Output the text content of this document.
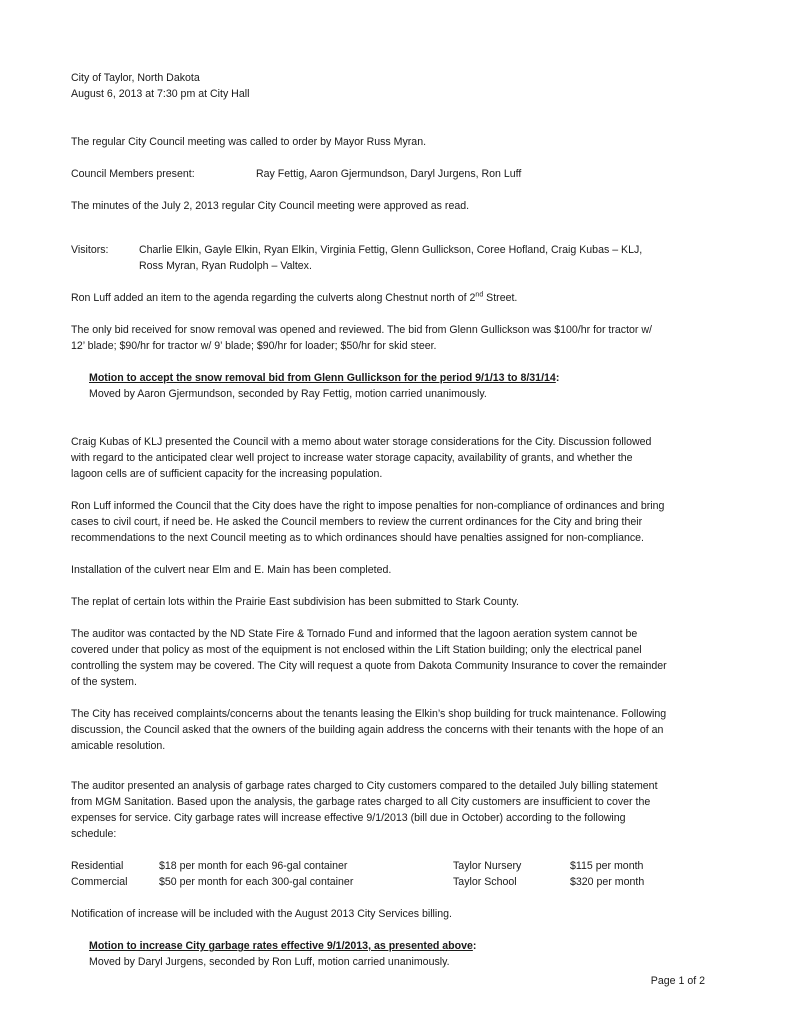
City of Taylor, North Dakota
August 6, 2013 at 7:30 pm at City Hall

The regular City Council meeting was called to order by Mayor Russ Myran.

Council Members present:	Ray Fettig, Aaron Gjermundson, Daryl Jurgens, Ron Luff

The minutes of the July 2, 2013 regular City Council meeting were approved as read.

Visitors:	Charlie Elkin, Gayle Elkin, Ryan Elkin, Virginia Fettig, Glenn Gullickson, Coree Hofland, Craig Kubas – KLJ,
Ross Myran, Ryan Rudolph – Valtex.

Ron Luff added an item to the agenda regarding the culverts along Chestnut north of 2nd Street.

The only bid received for snow removal was opened and reviewed. The bid from Glenn Gullickson was $100/hr for tractor w/
12’ blade; $90/hr for tractor w/ 9’ blade; $90/hr for loader; $50/hr for skid steer.
Motion to accept the snow removal bid from Glenn Gullickson for the period 9/1/13 to 8/31/14:
Moved by Aaron Gjermundson, seconded by Ray Fettig, motion carried unanimously.
Craig Kubas of KLJ presented the Council with a memo about water storage considerations for the City. Discussion followed
with regard to the anticipated clear well project to increase water storage capacity, availability of grants, and whether the
lagoon cells are of sufficient capacity for the increasing population.
Ron Luff informed the Council that the City does have the right to impose penalties for non-compliance of ordinances and bring
cases to civil court, if need be. He asked the Council members to review the current ordinances for the City and bring their
recommendations to the next Council meeting as to which ordinances should have penalties assigned for non-compliance.

Installation of the culvert near Elm and E. Main has been completed.

The replat of certain lots within the Prairie East subdivision has been submitted to Stark County.

The auditor was contacted by the ND State Fire & Tornado Fund and informed that the lagoon aeration system cannot be
covered under that policy as most of the equipment is not enclosed within the Lift Station building; only the electrical panel
controlling the system may be covered. The City will request a quote from Dakota Community Insurance to cover the remainder
of the system.
The City has received complaints/concerns about the tenants leasing the Elkin’s shop building for truck maintenance. Following
discussion, the Council asked that the owners of the building again address the concerns with their tenants with the hope of an
amicable resolution.
The auditor presented an analysis of garbage rates charged to City customers compared to the detailed July billing statement
from MGM Sanitation. Based upon the analysis, the garbage rates charged to all City customers are insufficient to cover the
expenses for service. City garbage rates will increase effective 9/1/2013 (bill due in October) according to the following
schedule:
Residential	$18 per month for each 96-gal container	Taylor Nursery	$115 per month
Commercial	$50 per month for each 300-gal container	Taylor School	$320 per month

Notification of increase will be included with the August 2013 City Services billing.

Motion to increase City garbage rates effective 9/1/2013, as presented above:
Moved by Daryl Jurgens, seconded by Ron Luff, motion carried unanimously.
Page 1 of 2
